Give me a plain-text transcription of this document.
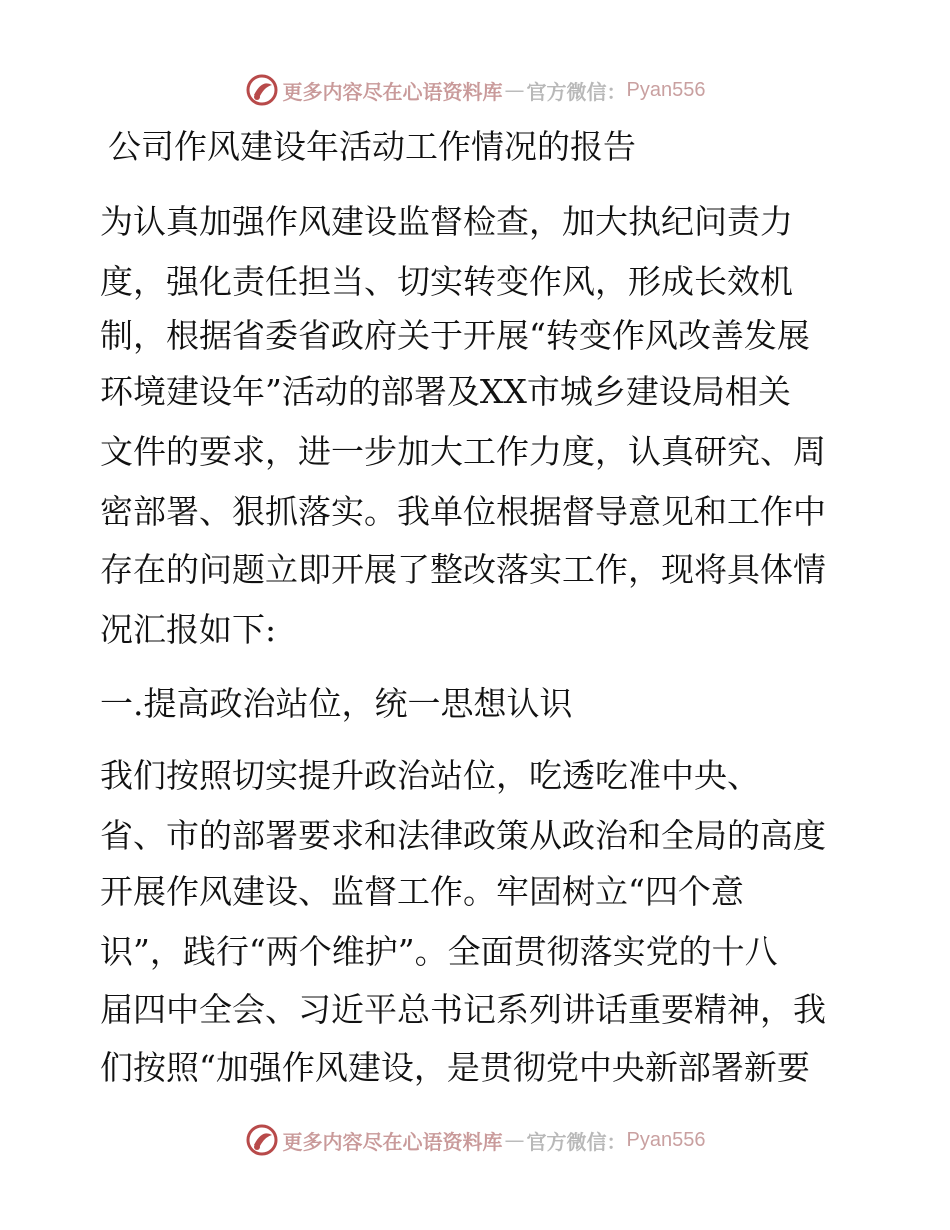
更多内容尽在心语资料库 — 官方微信： Pyan556
公司作风建设年活动工作情况的报告
为认真加强作风建设监督检查，加大执纪问责力
度，强化责任担当、切实转变作风，形成长效机
制，根据省委省政府关于开展“转变作风改善发展
环境建设年”活动的部署及XX市城乡建设局相关
文件的要求，进一步加大工作力度，认真研究、周
密部署、狠抓落实。我单位根据督导意见和工作中
存在的问题立即开展了整改落实工作，现将具体情
况汇报如下:
一.提高政治站位，统一思想认识
我们按照切实提升政治站位，吃透吃准中央、
省、市的部署要求和法律政策从政治和全局的高度
开展作风建设、监督工作。牢固树立“四个意
识”，践行“两个维护”。全面贯彻落实党的十八
届四中全会、习近平总书记系列讲话重要精神，我
们按照“加强作风建设，是贯彻党中央新部署新要
更多内容尽在心语资料库 — 官方微信： Pyan556
